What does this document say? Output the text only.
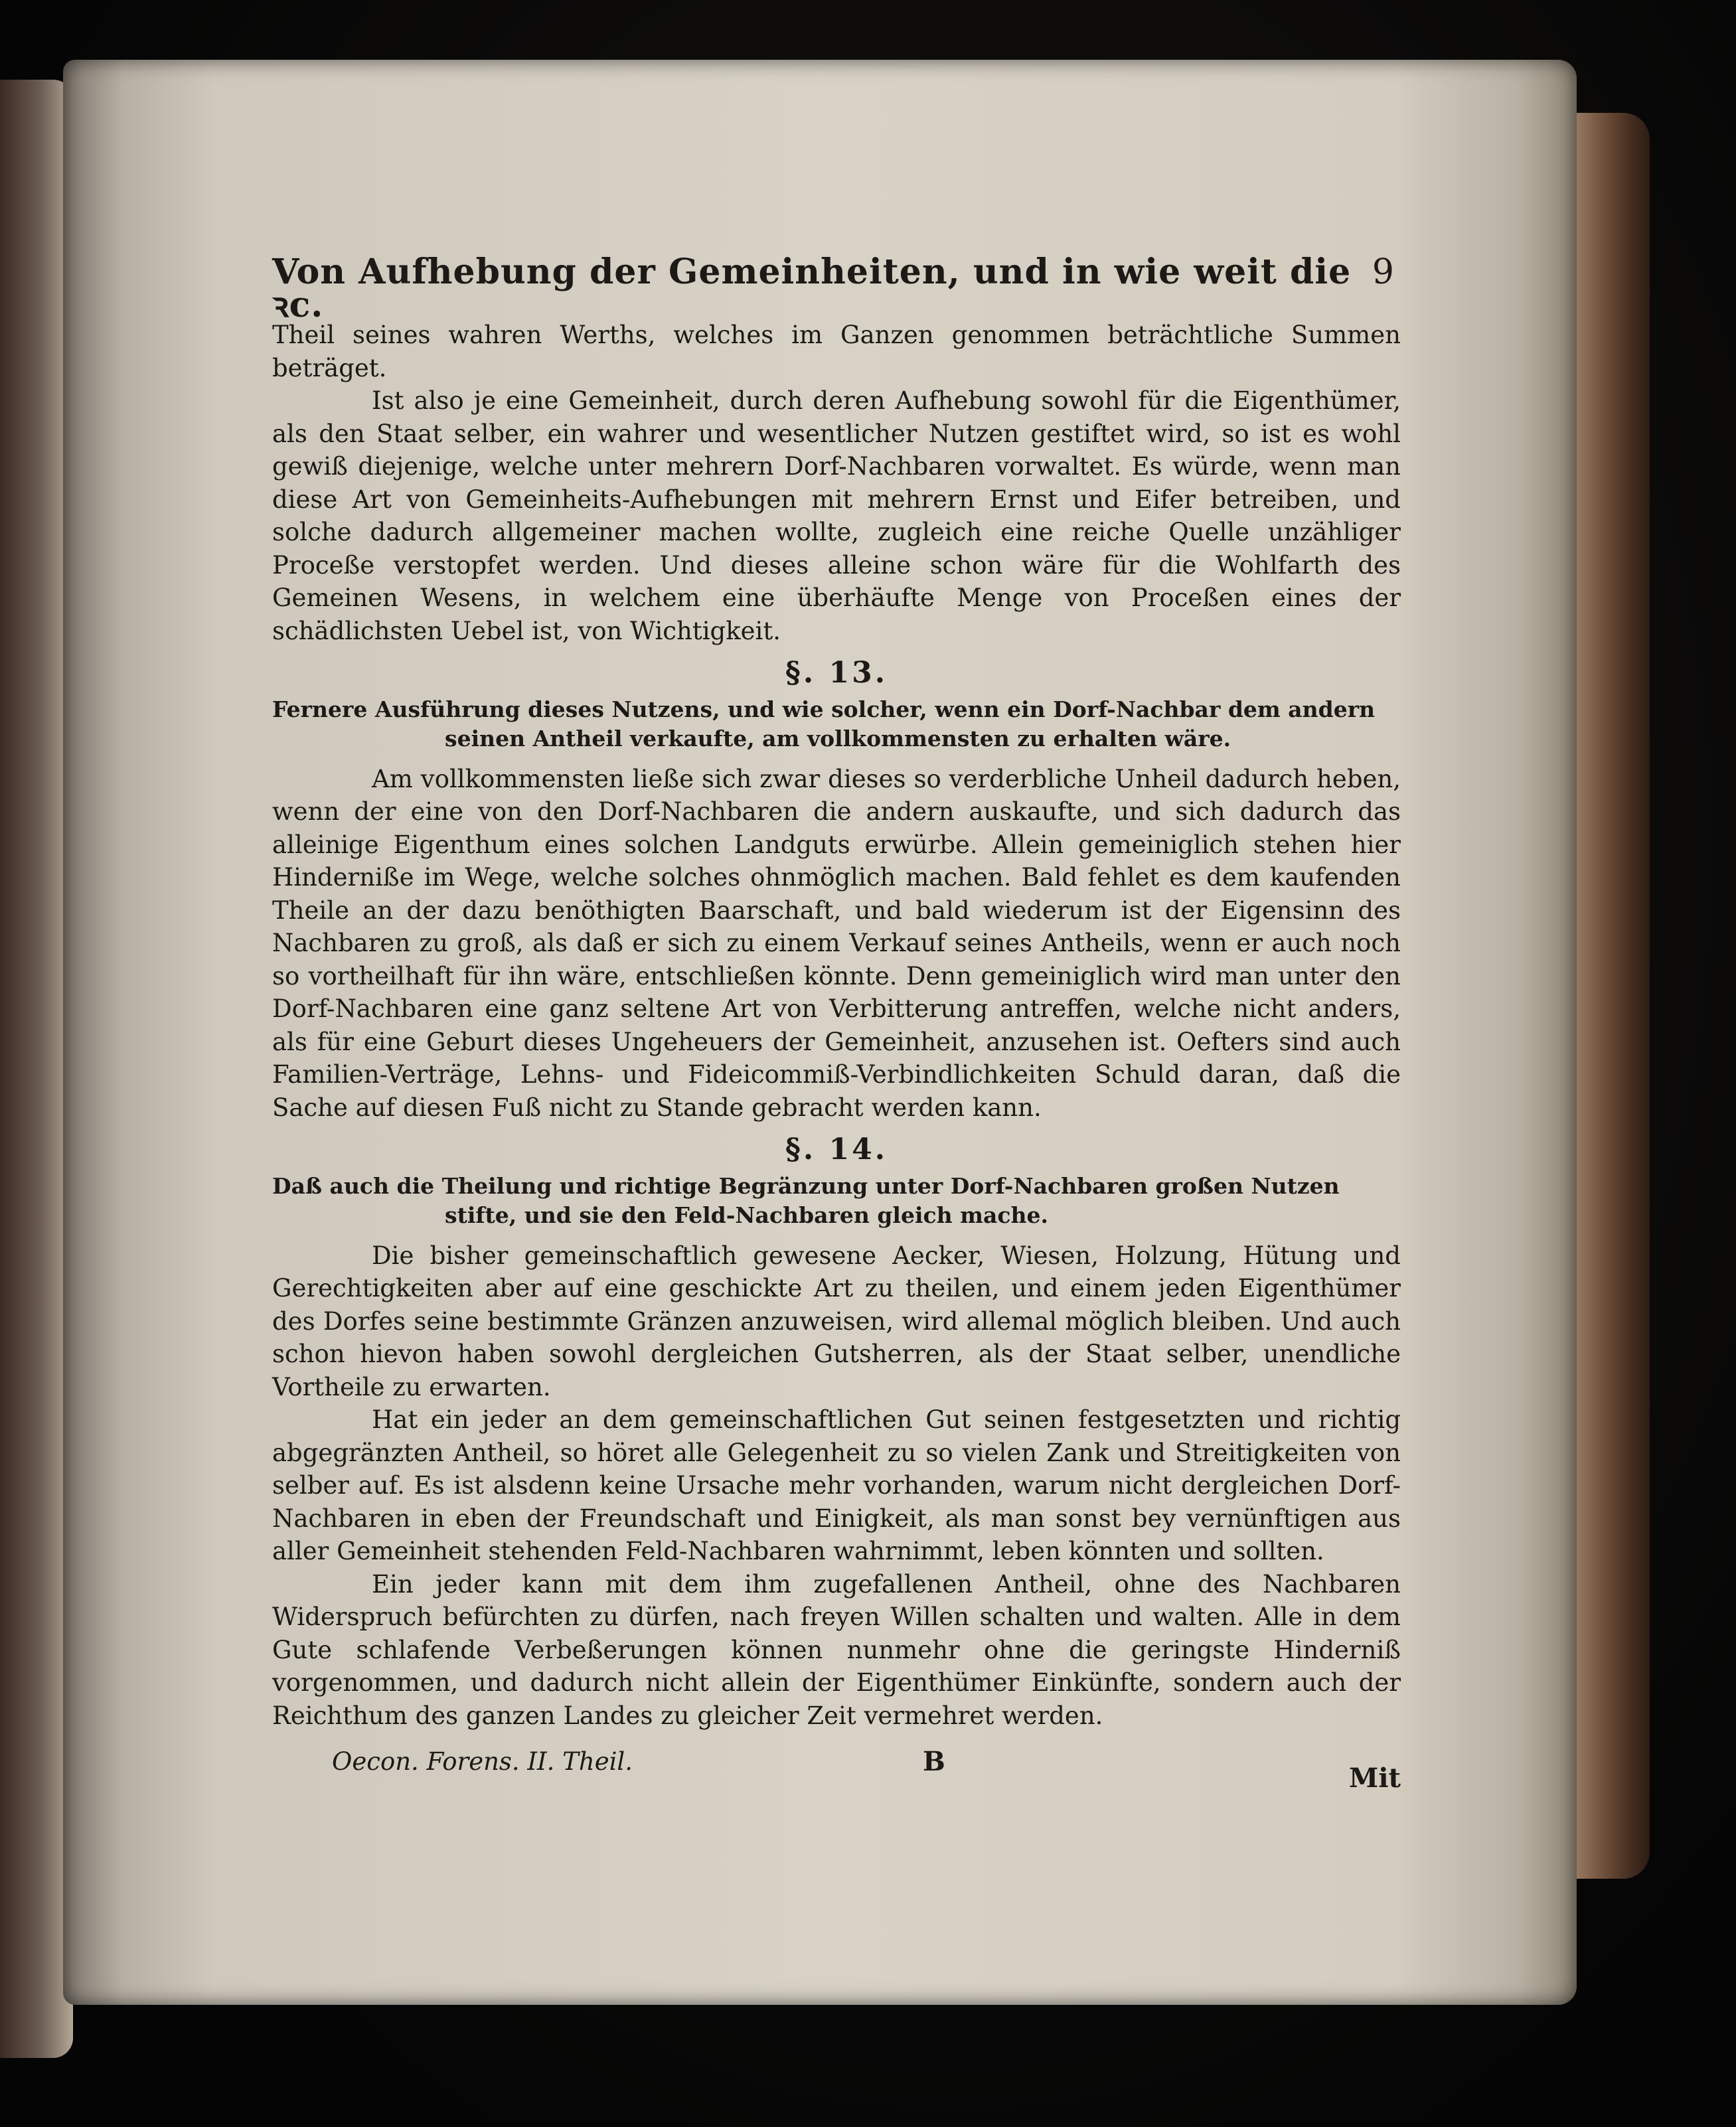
Von Aufhebung der Gemeinheiten, und in wie weit die ꝛc.
9

Theil seines wahren Werths, welches im Ganzen genommen beträchtliche Summen beträget.

Ist also je eine Gemeinheit, durch deren Aufhebung sowohl für die Eigenthümer, als den Staat selber, ein wahrer und wesentlicher Nutzen gestiftet wird, so ist es wohl gewiß diejenige, welche unter mehrern Dorf-Nachbaren vorwaltet. Es würde, wenn man diese Art von Gemeinheits-Aufhebungen mit mehrern Ernst und Eifer betreiben, und solche dadurch allgemeiner machen wollte, zugleich eine reiche Quelle unzähliger Proceße verstopfet werden. Und dieses alleine schon wäre für die Wohlfarth des Gemeinen Wesens, in welchem eine überhäufte Menge von Proceßen eines der schädlichsten Uebel ist, von Wichtigkeit.

§. 13.

Fernere Ausführung dieses Nutzens, und wie solcher, wenn ein Dorf-Nachbar dem andern
seinen Antheil verkaufte, am vollkommensten zu erhalten wäre.

Am vollkommensten ließe sich zwar dieses so verderbliche Unheil dadurch heben, wenn der eine von den Dorf-Nachbaren die andern auskaufte, und sich dadurch das alleinige Eigenthum eines solchen Landguts erwürbe. Allein gemeiniglich stehen hier Hinderniße im Wege, welche solches ohnmöglich machen. Bald fehlet es dem kaufenden Theile an der dazu benöthigten Baarschaft, und bald wiederum ist der Eigensinn des Nachbaren zu groß, als daß er sich zu einem Verkauf seines Antheils, wenn er auch noch so vortheilhaft für ihn wäre, entschließen könnte. Denn gemeiniglich wird man unter den Dorf-Nachbaren eine ganz seltene Art von Verbitterung antreffen, welche nicht anders, als für eine Geburt dieses Ungeheuers der Gemeinheit, anzusehen ist. Oefters sind auch Familien-Verträge, Lehns- und Fideicommiß-Verbindlichkeiten Schuld daran, daß die Sache auf diesen Fuß nicht zu Stande gebracht werden kann.

§. 14.

Daß auch die Theilung und richtige Begränzung unter Dorf-Nachbaren großen Nutzen
stifte, und sie den Feld-Nachbaren gleich mache.

Die bisher gemeinschaftlich gewesene Aecker, Wiesen, Holzung, Hütung und Gerechtigkeiten aber auf eine geschickte Art zu theilen, und einem jeden Eigenthümer des Dorfes seine bestimmte Gränzen anzuweisen, wird allemal möglich bleiben. Und auch schon hievon haben sowohl dergleichen Gutsherren, als der Staat selber, unendliche Vortheile zu erwarten.

Hat ein jeder an dem gemeinschaftlichen Gut seinen festgesetzten und richtig abgegränzten Antheil, so höret alle Gelegenheit zu so vielen Zank und Streitigkeiten von selber auf. Es ist alsdenn keine Ursache mehr vorhanden, warum nicht dergleichen Dorf-Nachbaren in eben der Freundschaft und Einigkeit, als man sonst bey vernünftigen aus aller Gemeinheit stehenden Feld-Nachbaren wahrnimmt, leben könnten und sollten.

Ein jeder kann mit dem ihm zugefallenen Antheil, ohne des Nachbaren Widerspruch befürchten zu dürfen, nach freyen Willen schalten und walten. Alle in dem Gute schlafende Verbeßerungen können nunmehr ohne die geringste Hinderniß vorgenommen, und dadurch nicht allein der Eigenthümer Einkünfte, sondern auch der Reichthum des ganzen Landes zu gleicher Zeit vermehret werden.

Oecon. Forens. II. Theil.	B
Mit
